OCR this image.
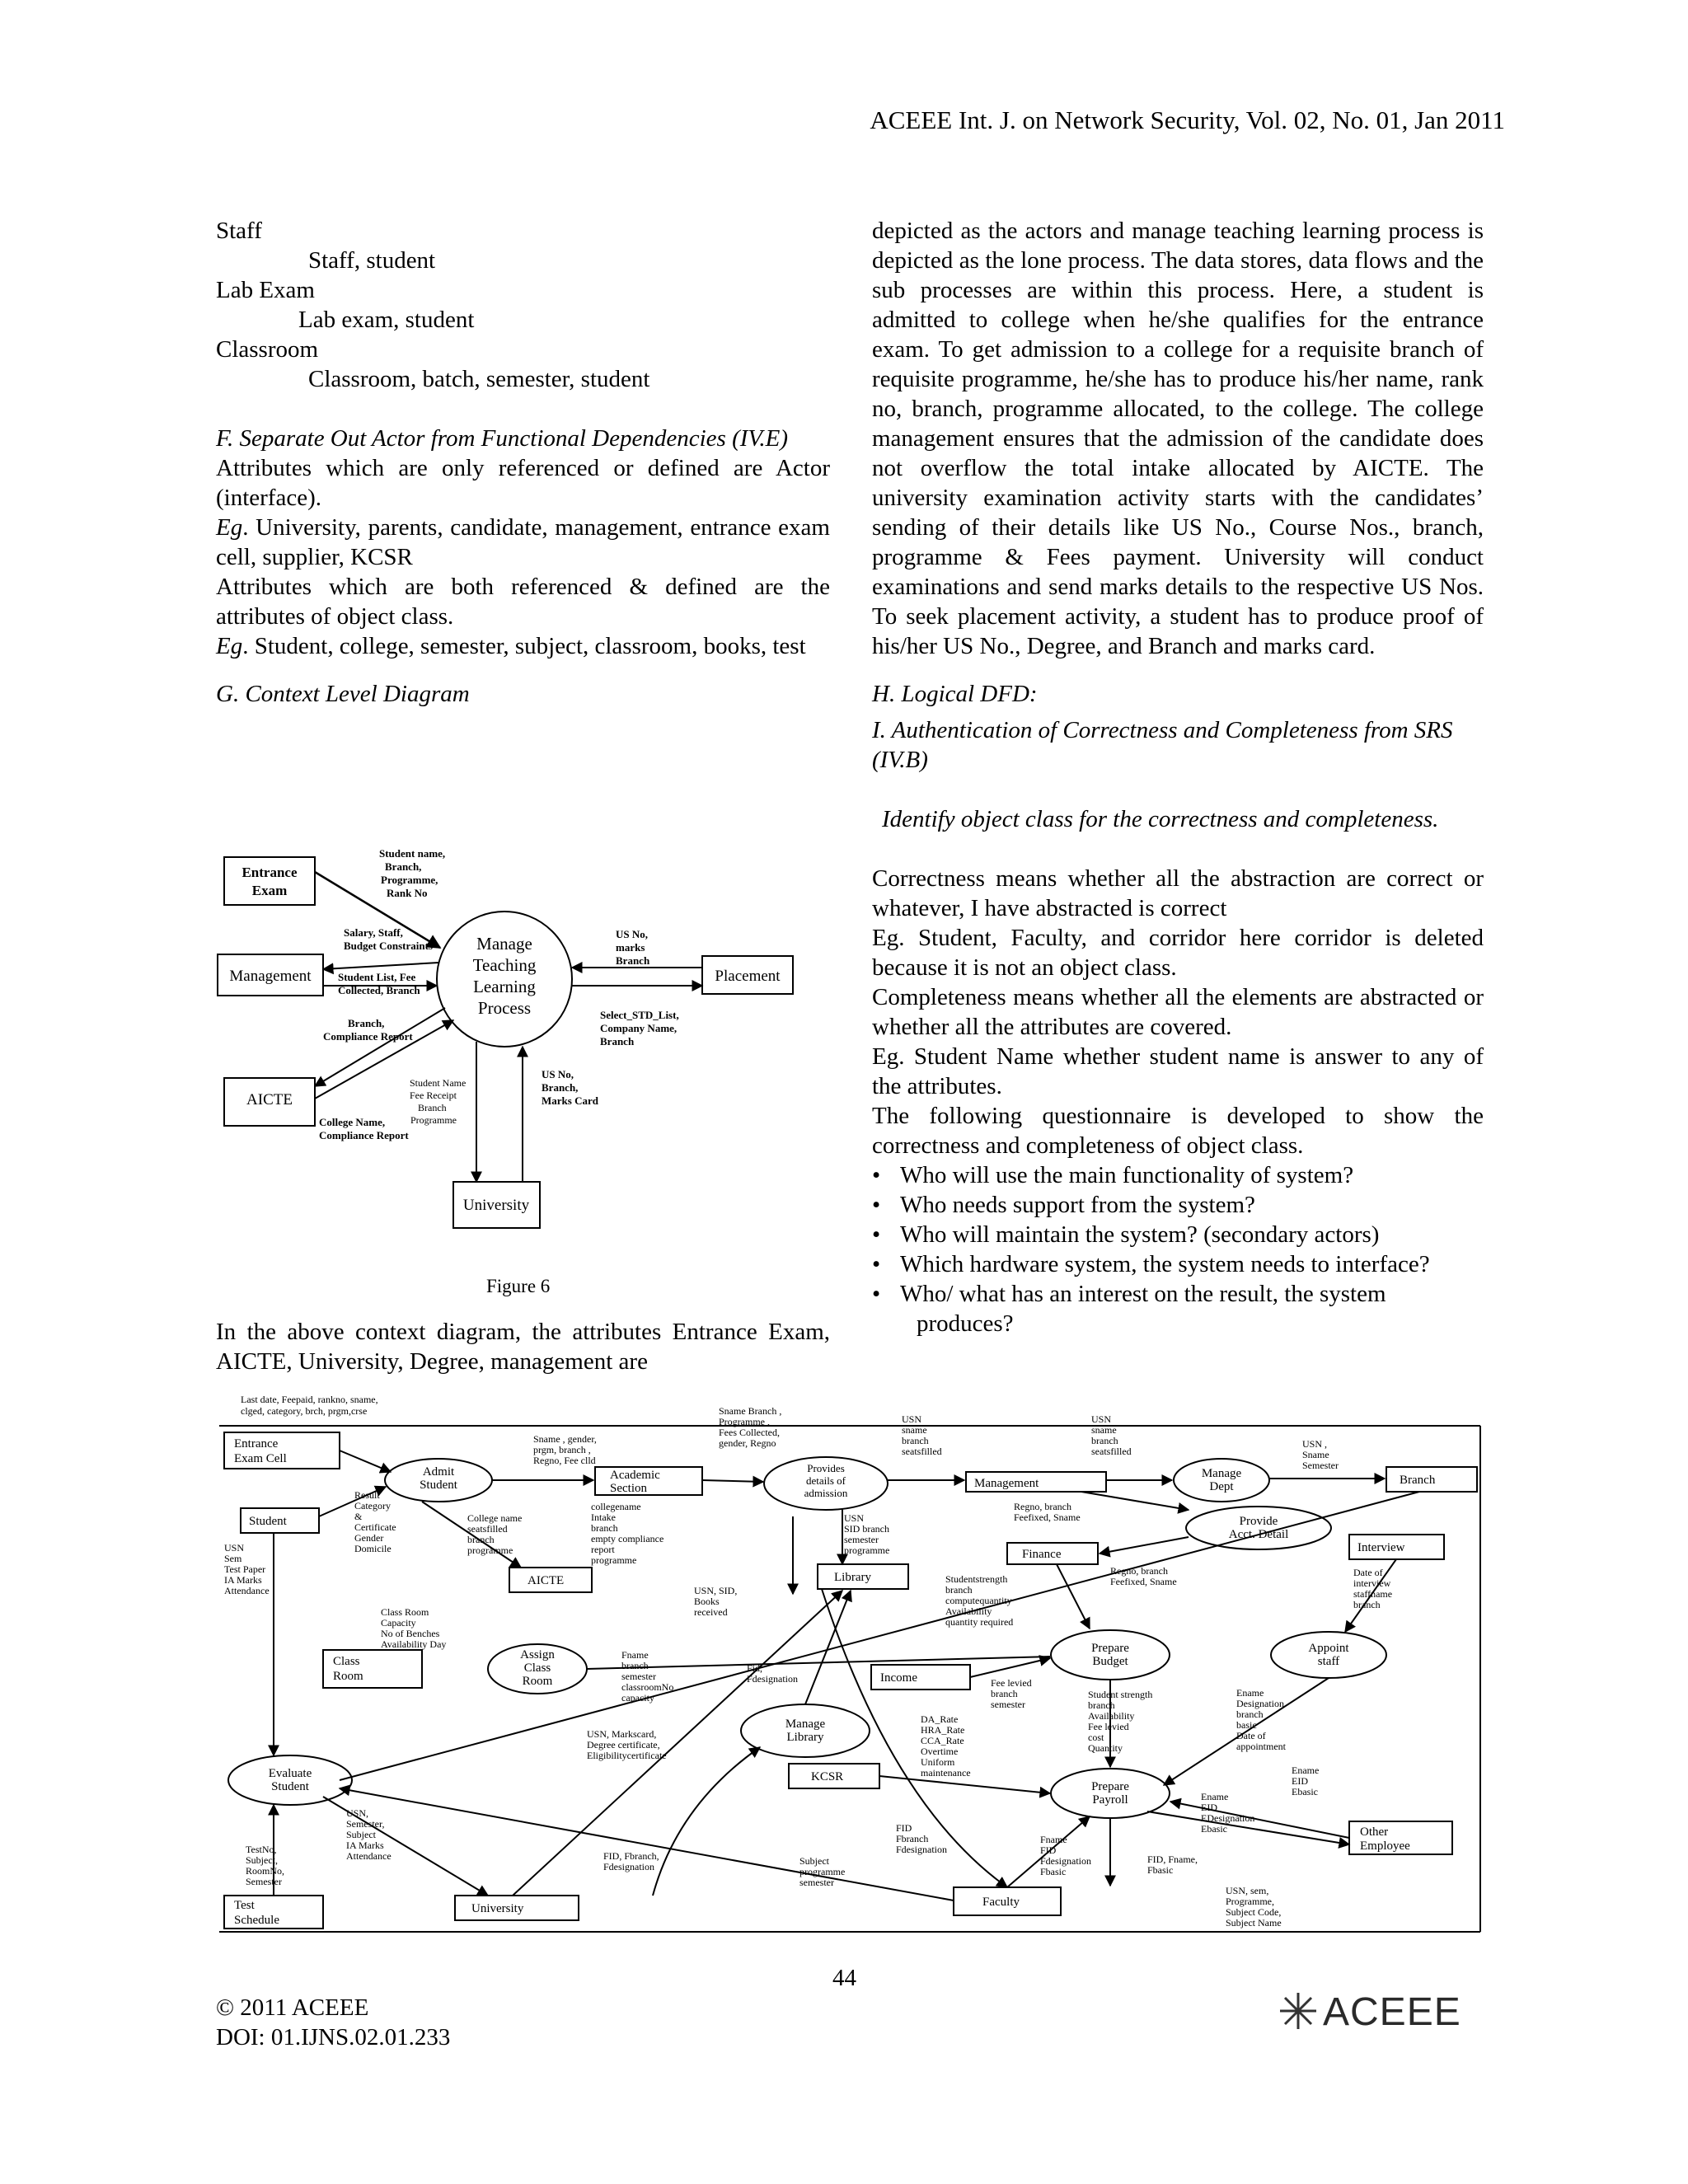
ACEEE Int. J. on Network Security, Vol. 02, No. 01, Jan 2011

Staff

Staff, student

Lab Exam

Lab exam, student

Classroom

Classroom, batch, semester, student

F. Separate Out Actor from Functional Dependencies (IV.E)

Attributes which are only referenced or defined are Actor (interface).

Eg. University, parents, candidate, management, entrance exam cell, supplier, KCSR

Attributes which are both referenced & defined are the attributes of object class.

Eg. Student, college, semester, subject, classroom, books, test

G. Context Level Diagram

Entrance
Exam
Management	Placement
AICTE
University
Manage
Teaching
Learning
Process
Student name,
Branch,
Programme,
Rank No
Salary, Staff,
Budget Constraints
Student List, Fee
Collected, Branch
Branch,
Compliance Report
College Name,
Compliance Report
US No,
marks
Branch
Select_STD_List,
Company Name,
Branch
US No,
Branch,
Marks Card
Student Name
Fee Receipt
Branch
Programme
Figure 6

In the above context diagram, the attributes Entrance Exam, AICTE, University, Degree, management are

depicted as the actors and manage teaching learning process is depicted as the lone process. The data stores, data flows and the sub processes are within this process. Here, a student is admitted to college when he/she qualifies for the entrance exam. To get admission to a college for a requisite branch of requisite programme, he/she has to produce his/her name, rank no, branch, programme allocated, to the college. The college management ensures that the admission of the candidate does not overflow the total intake allocated by AICTE. The university examination activity starts with the candidates’ sending of their details like US No., Course Nos., branch, programme & Fees payment. University will conduct examinations and send marks details to the respective US Nos. To seek placement activity, a student has to produce proof of his/her US No., Degree, and Branch and marks card.

H. Logical DFD:

I. Authentication of Correctness and Completeness from SRS (IV.B)

Identify object class for the correctness and completeness.

Correctness means whether all the abstraction are correct or whatever, I have abstracted is correct

Eg. Student, Faculty, and corridor here corridor is deleted because it is not an object class.

Completeness means whether all the elements are abstracted or whether all the attributes are covered.

Eg. Student Name whether student name is answer to any of the attributes.

The following questionnaire is developed to show the correctness and completeness of object class.

• Who will use the main functionality of system?

• Who needs support from the system?

• Who will maintain the system? (secondary actors)

• Which hardware system, the system needs to interface?

• Who/ what has an interest on the result, the system
produces?

Entrance
Exam Cell
Student
AICTE
Class
Room
Test
Schedule
University
Academic
Section
Library
Management	Branch
Finance	Interview
Income
KCSR
Faculty
Other
Employee
Admit
Student
Provides
details of
admission
Manage
Dept
Provide
Acct. Detail
Assign
Class
Room
Prepare
Budget
Appoint
staff
Manage
Library
Evaluate
Student	Prepare
Payroll
Last date, Feepaid, rankno, sname,
clged, category, brch, prgm,crse
Sname , gender,
prgm, branch ,
Regno, Fee clld
Sname Branch ,
Programme ,
Fees Collected,
gender, Regno
USN
sname
branch
seatsfilled
USN
sname
branch
seatsfilled
USN ,
Sname
Semester
Result
Category
&
Certificate
Gender
Domicile
College name
seatsfilled
branch
programme
collegename
Intake
branch
empty compliance
report
programme
USN
SID branch
semester
programme
Regno, branch
Feefixed, Sname
Regno, branch
Feefixed, Sname
USN
Sem
Test Paper
IA Marks
Attendance
Class Room
Capacity
No of Benches
Availability Day
USN, SID,
Books
received
Studentstrength
branch
computequantity
Availability
quantity required
Date of
interview
staffname
branch
Fname
branch
semester
classroomNo
capacity
Fid,
Fdesignation	Fee levied
branch
semester
Student strength
branch
Availability
Fee levied
cost
Quantity
Ename
Designation
branch
basic
Date of
appointment
DA_Rate
HRA_Rate
CCA_Rate
Overtime
Uniform
maintenance
USN, Markscard,
Degree certificate,
Eligibilitycertificate
Ename
EID
Ebasic
Ename
EID
EDesignation
Ebasic
USN,
Semester,
Subject
IA Marks
Attendance
TestNo,
Subject,
RoomNo,
Semester
FID
Fbranch
Fdesignation
Fname
FID
Fdesignation
Fbasic
FID, Fname,
Fbasic
FID, Fbranch,
Fdesignation	Subject
programme
semester
USN, sem,
Programme,
Subject Code,
Subject Name
44
© 2011 ACEEE
DOI: 01.IJNS.02.01.233
ACEEE
